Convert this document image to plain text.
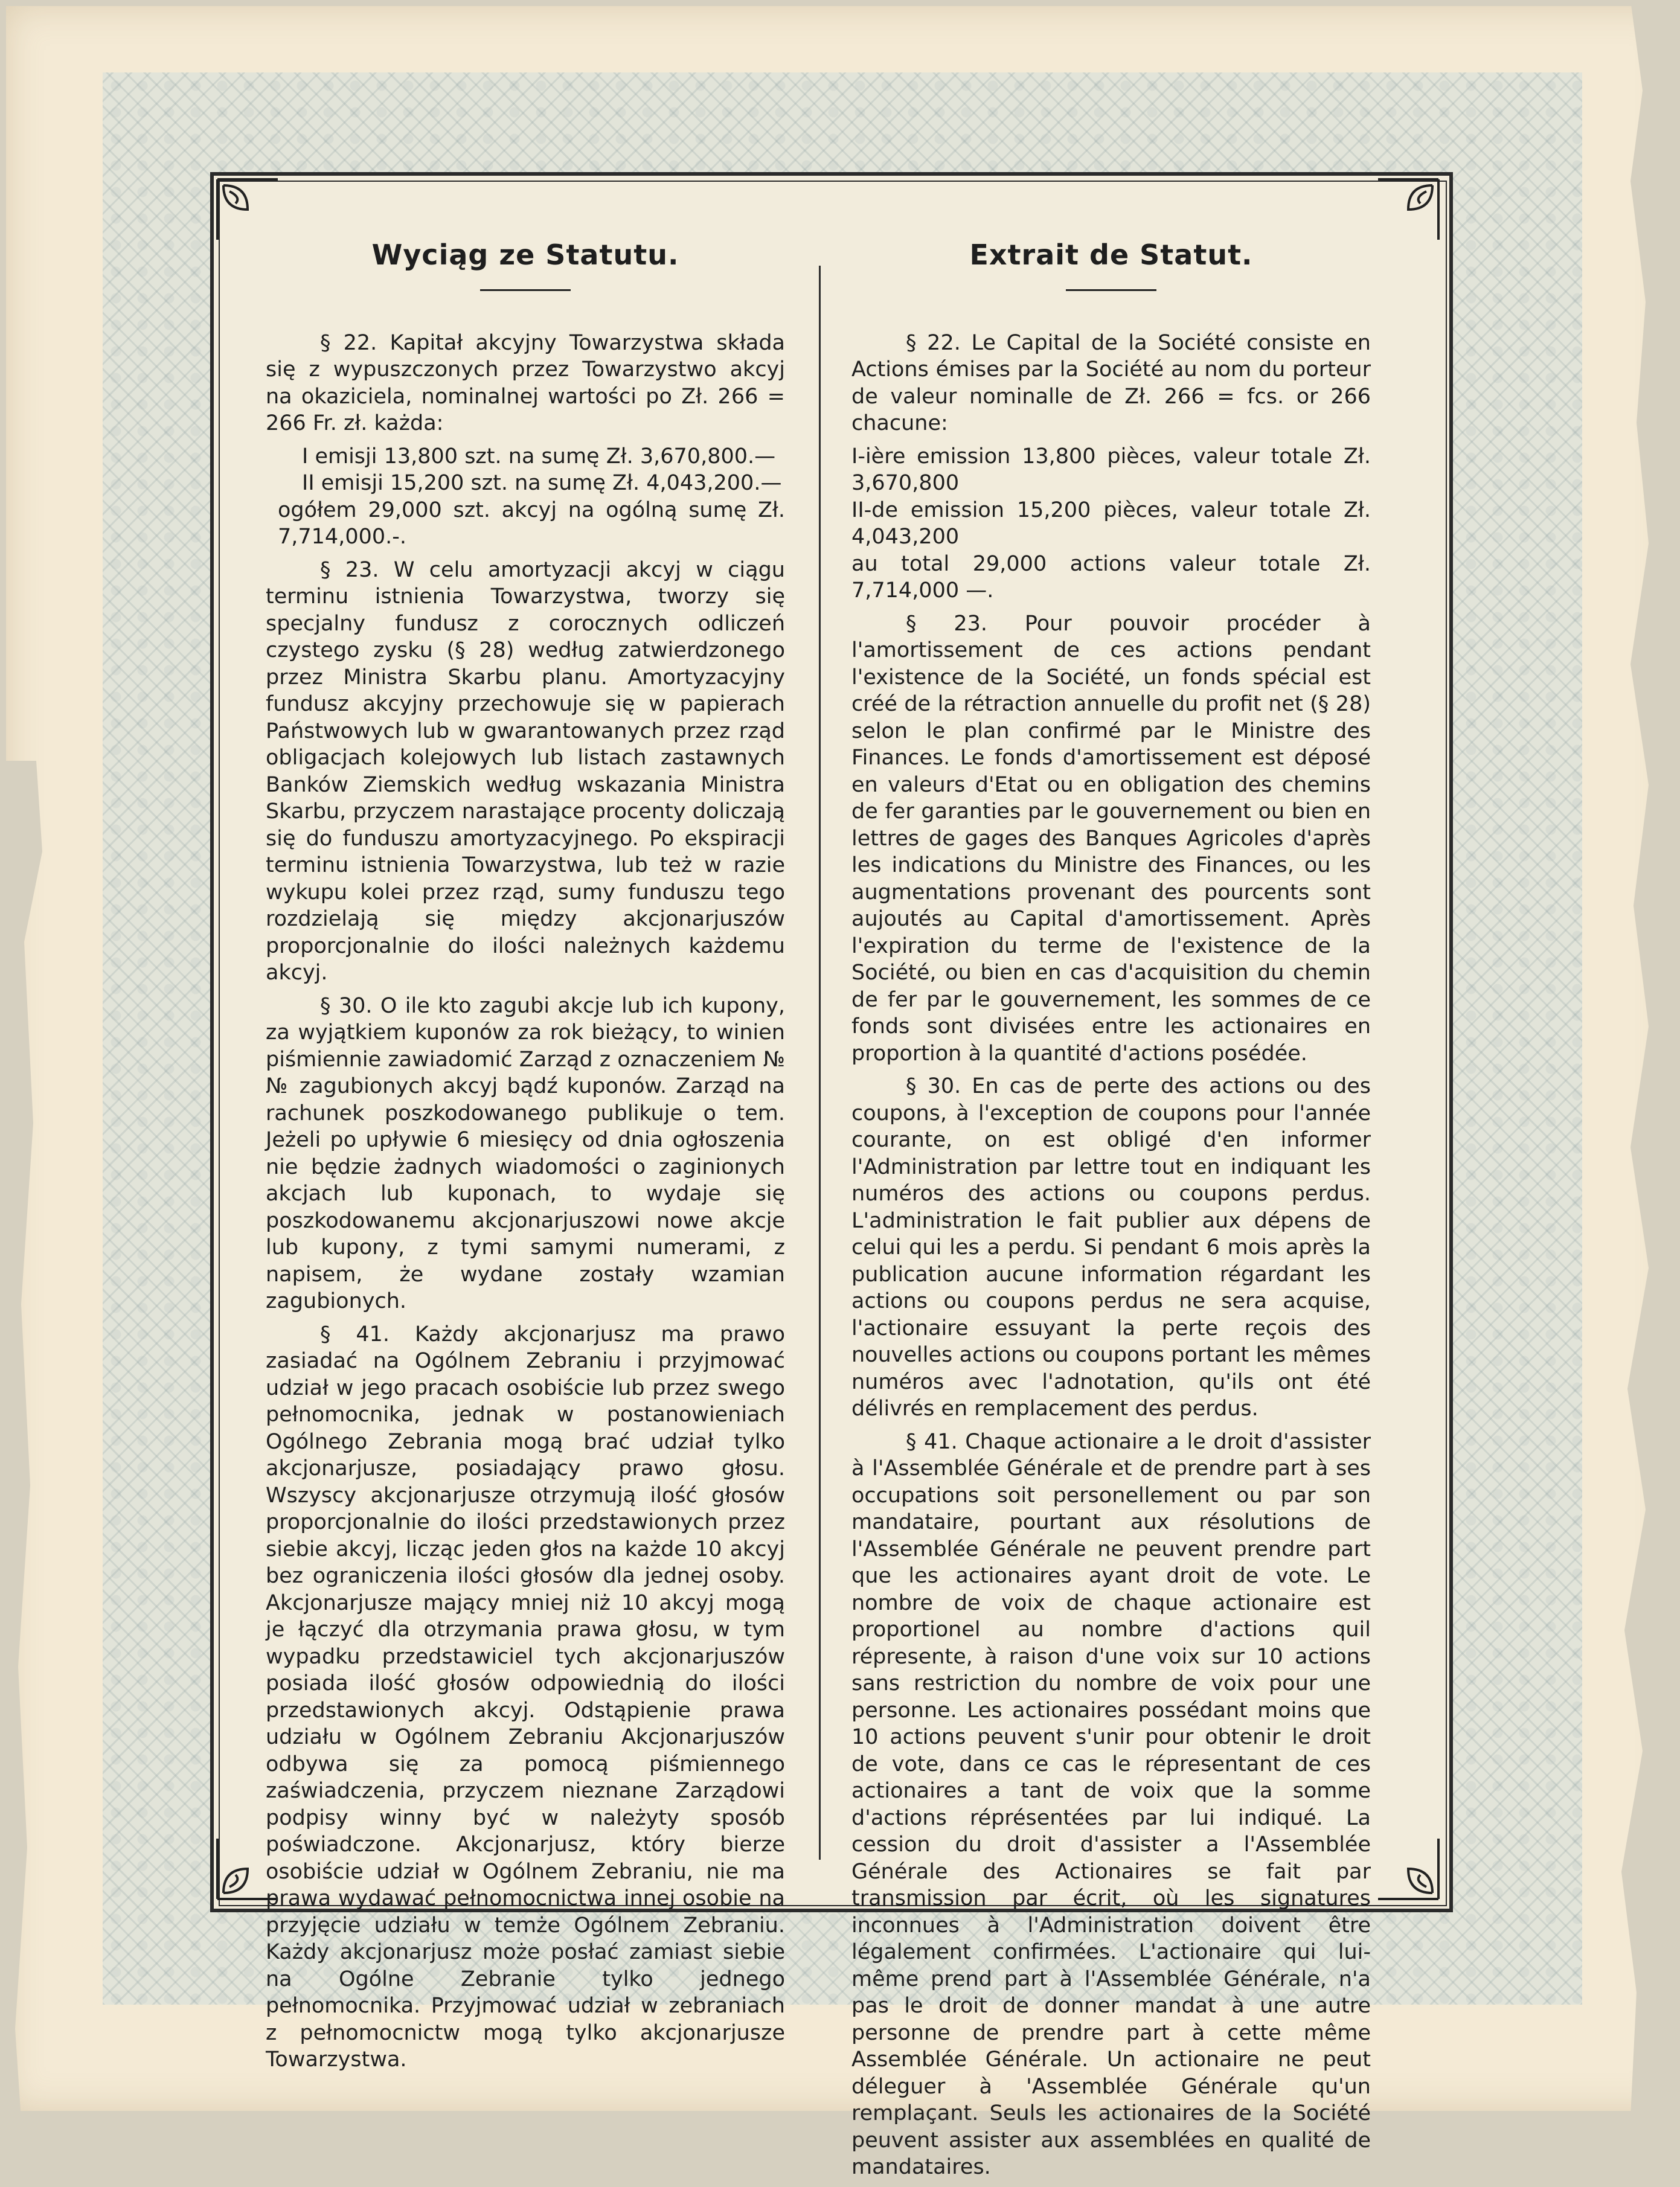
Wyciąg ze Statutu.

§ 22. Kapitał akcyjny Towarzystwa składa się z wypuszczonych przez Towarzystwo akcyj na okaziciela, nominalnej wartości po Zł. 266 = 266 Fr. zł. każda:

I emisji 13,800 szt. na sumę Zł. 3,670,800.—
II emisji 15,200 szt. na sumę Zł. 4,043,200.—
ogółem 29,000 szt. akcyj na ogólną sumę Zł. 7,714,000.-.

§ 23. W celu amortyzacji akcyj w ciągu terminu istnienia Towarzystwa, tworzy się specjalny fundusz z corocznych odliczeń czystego zysku (§ 28) według zatwierdzonego przez Ministra Skarbu planu. Amortyzacyjny fundusz akcyjny przechowuje się w papierach Państwowych lub w gwarantowanych przez rząd obligacjach kolejowych lub listach zastawnych Banków Ziemskich według wskazania Ministra Skarbu, przyczem narastające procenty doliczają się do funduszu amortyzacyjnego. Po ekspiracji terminu istnienia Towarzystwa, lub też w razie wykupu kolei przez rząd, sumy funduszu tego rozdzielają się między akcjonarjuszów proporcjonalnie do ilości należnych każdemu akcyj.

§ 30. O ile kto zagubi akcje lub ich kupony, za wyjątkiem kuponów za rok bieżący, to winien piśmiennie zawiadomić Zarząd z oznaczeniem № № zagubionych akcyj bądź kuponów. Zarząd na rachunek poszkodowanego publikuje o tem. Jeżeli po upływie 6 miesięcy od dnia ogłoszenia nie będzie żadnych wiadomości o zaginionych akcjach lub kuponach, to wydaje się poszkodowanemu akcjonarjuszowi nowe akcje lub kupony, z tymi samymi numerami, z napisem, że wydane zostały wzamian zagubionych.

§ 41. Każdy akcjonarjusz ma prawo zasiadać na Ogólnem Zebraniu i przyjmować udział w jego pracach osobiście lub przez swego pełnomocnika, jednak w postanowieniach Ogólnego Zebrania mogą brać udział tylko akcjonarjusze, posiadający prawo głosu. Wszyscy akcjonarjusze otrzymują ilość głosów proporcjonalnie do ilości przedstawionych przez siebie akcyj, licząc jeden głos na każde 10 akcyj bez ograniczenia ilości głosów dla jednej osoby. Akcjonarjusze mający mniej niż 10 akcyj mogą je łączyć dla otrzymania prawa głosu, w tym wypadku przedstawiciel tych akcjonarjuszów posiada ilość głosów odpowiednią do ilości przedstawionych akcyj. Odstąpienie prawa udziału w Ogólnem Zebraniu Akcjonarjuszów odbywa się za pomocą piśmiennego zaświadczenia, przyczem nieznane Zarządowi podpisy winny być w należyty sposób poświadczone. Akcjonarjusz, który bierze osobiście udział w Ogólnem Zebraniu, nie ma prawa wydawać pełnomocnictwa innej osobie na przyjęcie udziału w temże Ogólnem Zebraniu. Każdy akcjonarjusz może posłać zamiast siebie na Ogólne Zebranie tylko jednego pełnomocnika. Przyjmować udział w zebraniach z pełnomocnictw mogą tylko akcjonarjusze Towarzystwa.

Extrait de Statut.

§ 22. Le Capital de la Société consiste en Actions émises par la Société au nom du porteur de valeur nominalle de Zł. 266 = fcs. or 266 chacune:

I-ière emission 13,800 pièces, valeur totale Zł. 3,670,800
II-de emission 15,200 pièces, valeur totale Zł. 4,043,200
au total 29,000 actions valeur totale Zł. 7,714,000 —.

§ 23. Pour pouvoir procéder à l'amortissement de ces actions pendant l'existence de la Société, un fonds spécial est créé de la rétraction annuelle du profit net (§ 28) selon le plan confirmé par le Ministre des Finances. Le fonds d'amortissement est déposé en valeurs d'Etat ou en obligation des chemins de fer garanties par le gouvernement ou bien en lettres de gages des Banques Agricoles d'après les indications du Ministre des Finances, ou les augmentations provenant des pourcents sont aujoutés au Capital d'amortissement. Après l'expiration du terme de l'existence de la Société, ou bien en cas d'acquisition du chemin de fer par le gouvernement, les sommes de ce fonds sont divisées entre les actionaires en proportion à la quantité d'actions posédée.

§ 30. En cas de perte des actions ou des coupons, à l'exception de coupons pour l'année courante, on est obligé d'en informer l'Administration par lettre tout en indiquant les numéros des actions ou coupons perdus. L'administration le fait publier aux dépens de celui qui les a perdu. Si pendant 6 mois après la publication aucune information régardant les actions ou coupons perdus ne sera acquise, l'actionaire essuyant la perte reçois des nouvelles actions ou coupons portant les mêmes numéros avec l'adnotation, qu'ils ont été délivrés en remplacement des perdus.

§ 41. Chaque actionaire a le droit d'assister à l'Assemblée Générale et de prendre part à ses occupations soit personellement ou par son mandataire, pourtant aux résolutions de l'Assemblée Générale ne peuvent prendre part que les actionaires ayant droit de vote. Le nombre de voix de chaque actionaire est proportionel au nombre d'actions quil répresente, à raison d'une voix sur 10 actions sans restriction du nombre de voix pour une personne. Les actionaires possédant moins que 10 actions peuvent s'unir pour obtenir le droit de vote, dans ce cas le répresentant de ces actionaires a tant de voix que la somme d'actions réprésentées par lui indiqué. La cession du droit d'assister a l'Assemblée Générale des Actionaires se fait par transmission par écrit, où les signatures inconnues à l'Administration doivent être légalement confirmées. L'actionaire qui lui-même prend part à l'Assemblée Générale, n'a pas le droit de donner mandat à une autre personne de prendre part à cette même Assemblée Générale. Un actionaire ne peut déleguer à 'Assemblée Générale qu'un remplaçant. Seuls les actionaires de la Société peuvent assister aux assemblées en qualité de mandataires.
